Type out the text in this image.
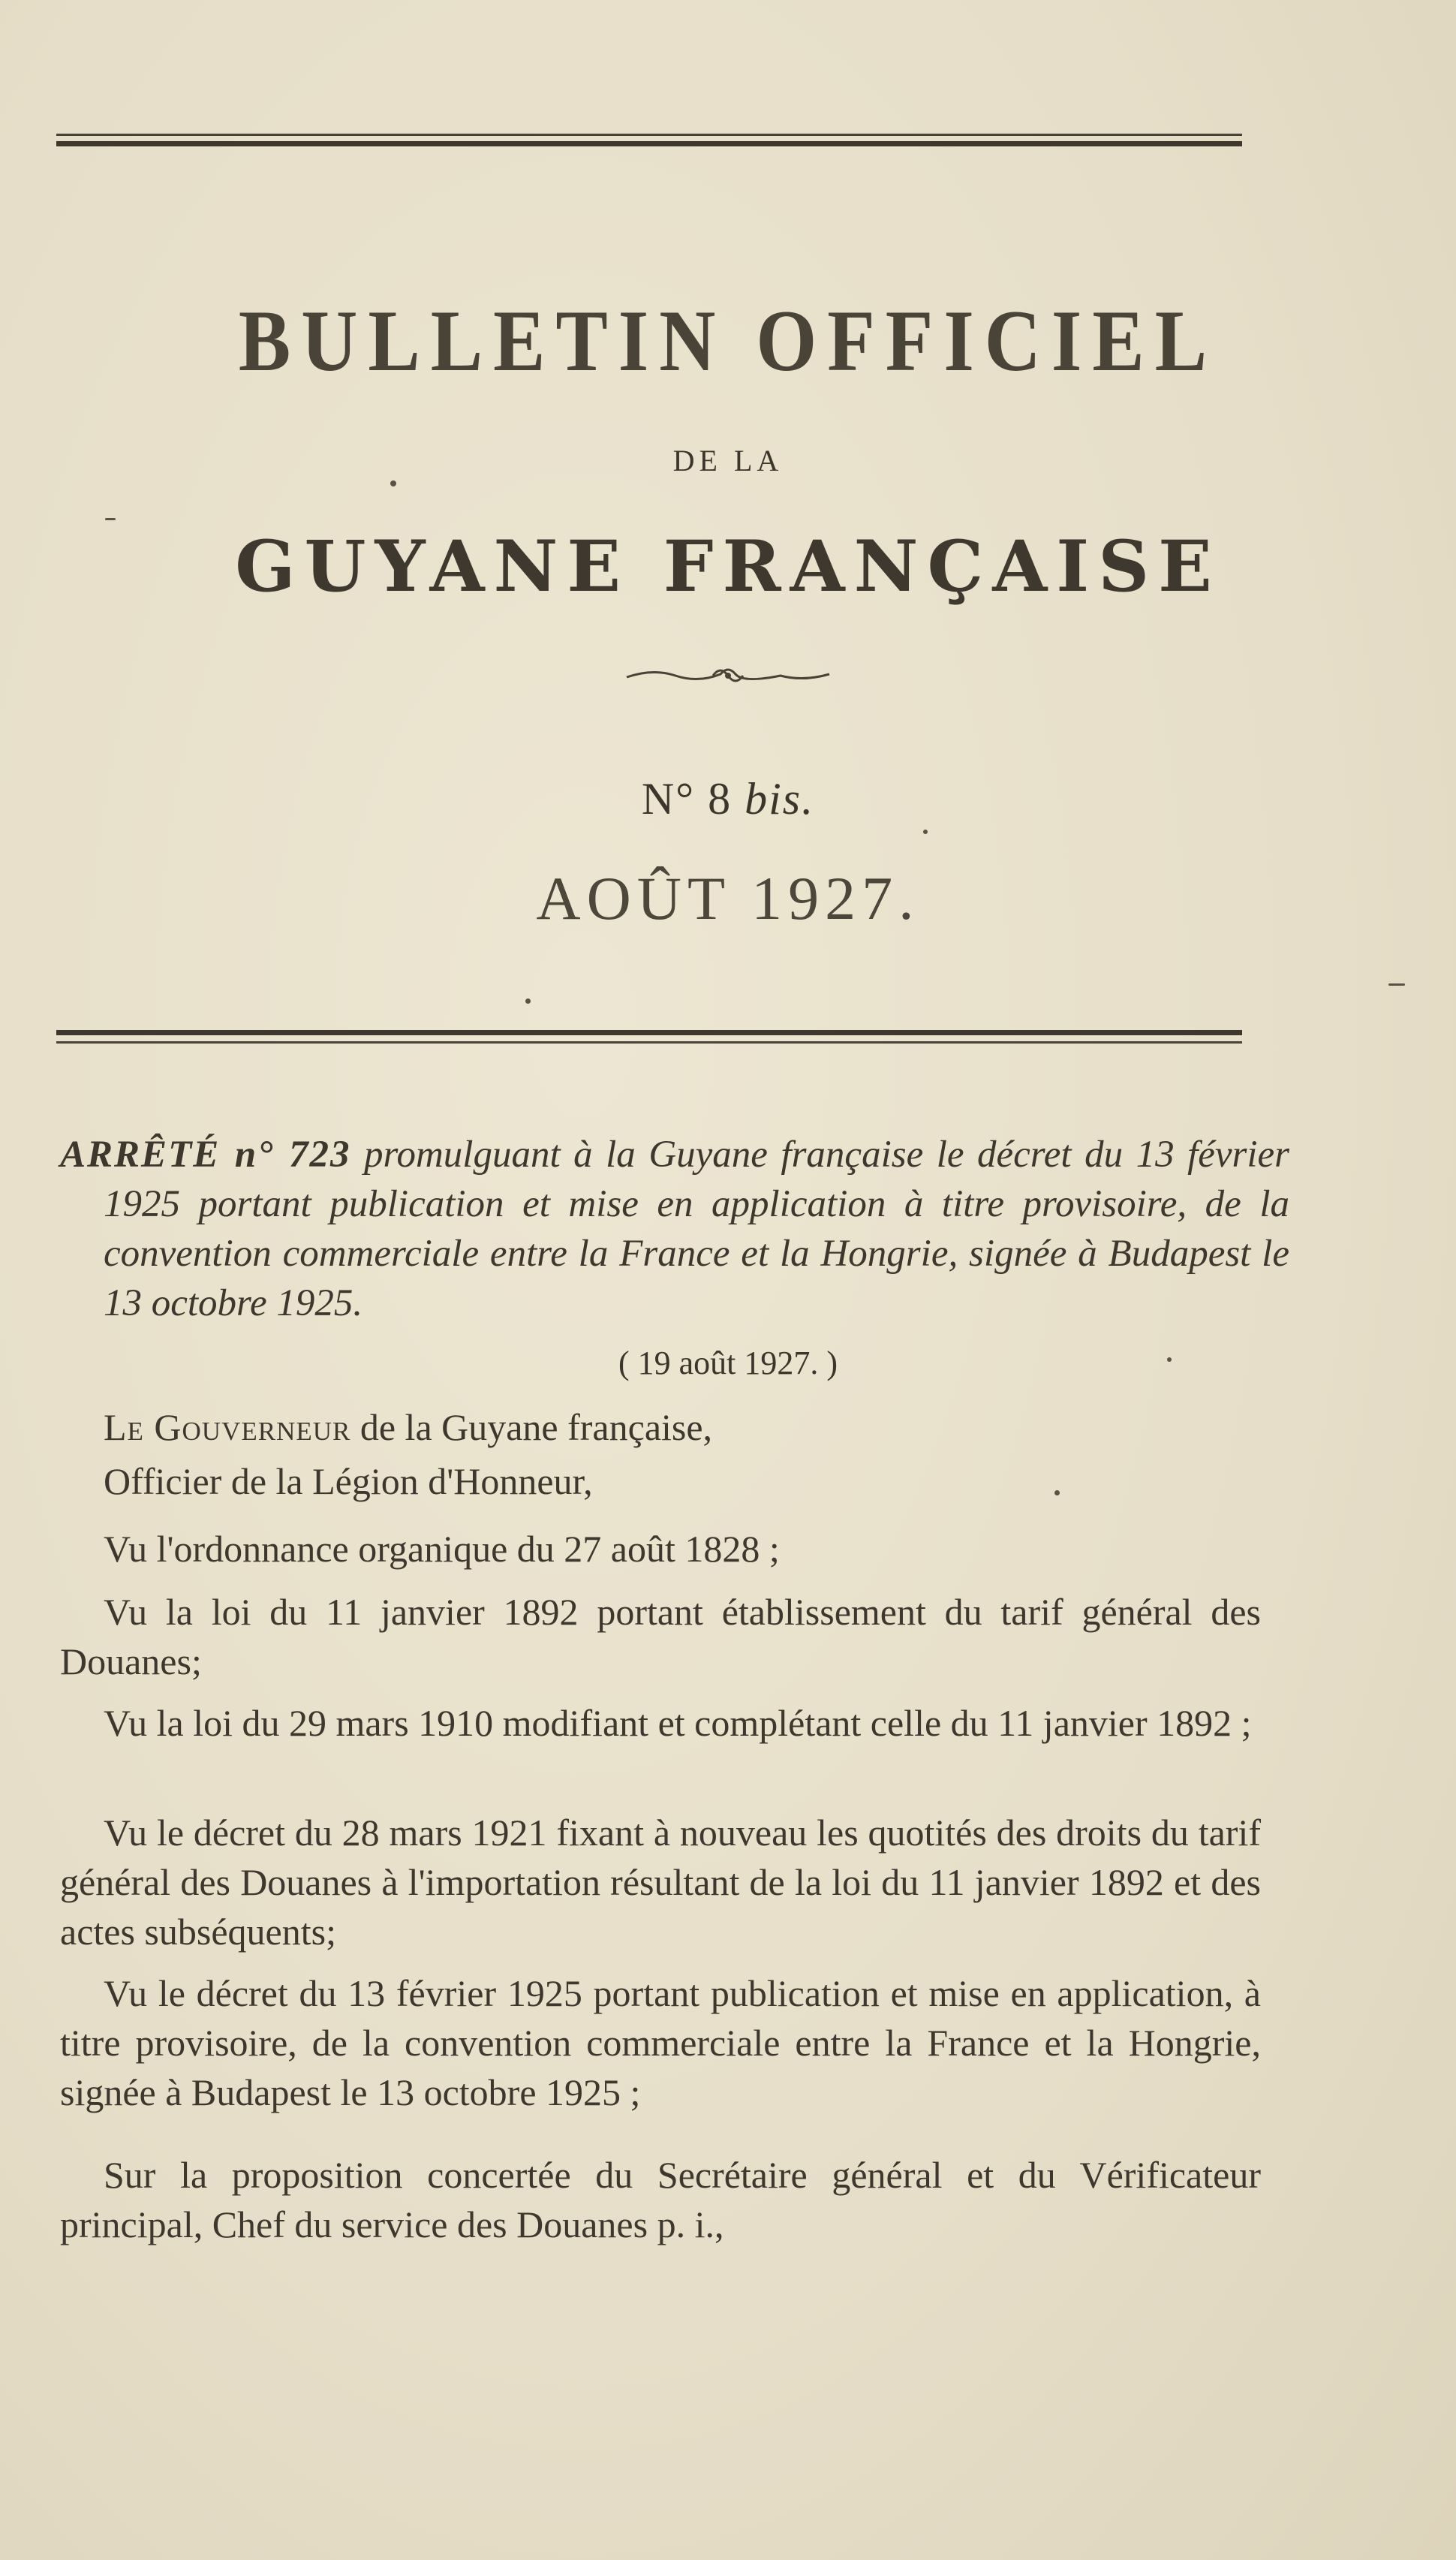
BULLETIN OFFICIEL
DE LA
GUYANE FRANÇAISE
N° 8 bis.
AOÛT 1927.
ARRÊTÉ n° 723 promulguant à la Guyane française le décret du 13 février 1925 portant publication et mise en application à titre provisoire, de la convention commerciale entre la France et la Hongrie, signée à Budapest le 13 octobre 1925.
( 19 août 1927. )
Le Gouverneur de la Guyane française,
Officier de la Légion d'Honneur,
Vu l'ordonnance organique du 27 août 1828 ;
Vu la loi du 11 janvier 1892 portant établissement du tarif général des Douanes;
Vu la loi du 29 mars 1910 modifiant et complétant celle du 11 janvier 1892 ;
Vu le décret du 28 mars 1921 fixant à nouveau les quotités des droits du tarif général des Douanes à l'importation résultant de la loi du 11 janvier 1892 et des actes subséquents;
Vu le décret du 13 février 1925 portant publication et mise en application, à titre provisoire, de la convention commerciale entre la France et la Hongrie, signée à Budapest le 13 octobre 1925 ;
Sur la proposition concertée du Secrétaire général et du Vérificateur principal, Chef du service des Douanes p. i.,
